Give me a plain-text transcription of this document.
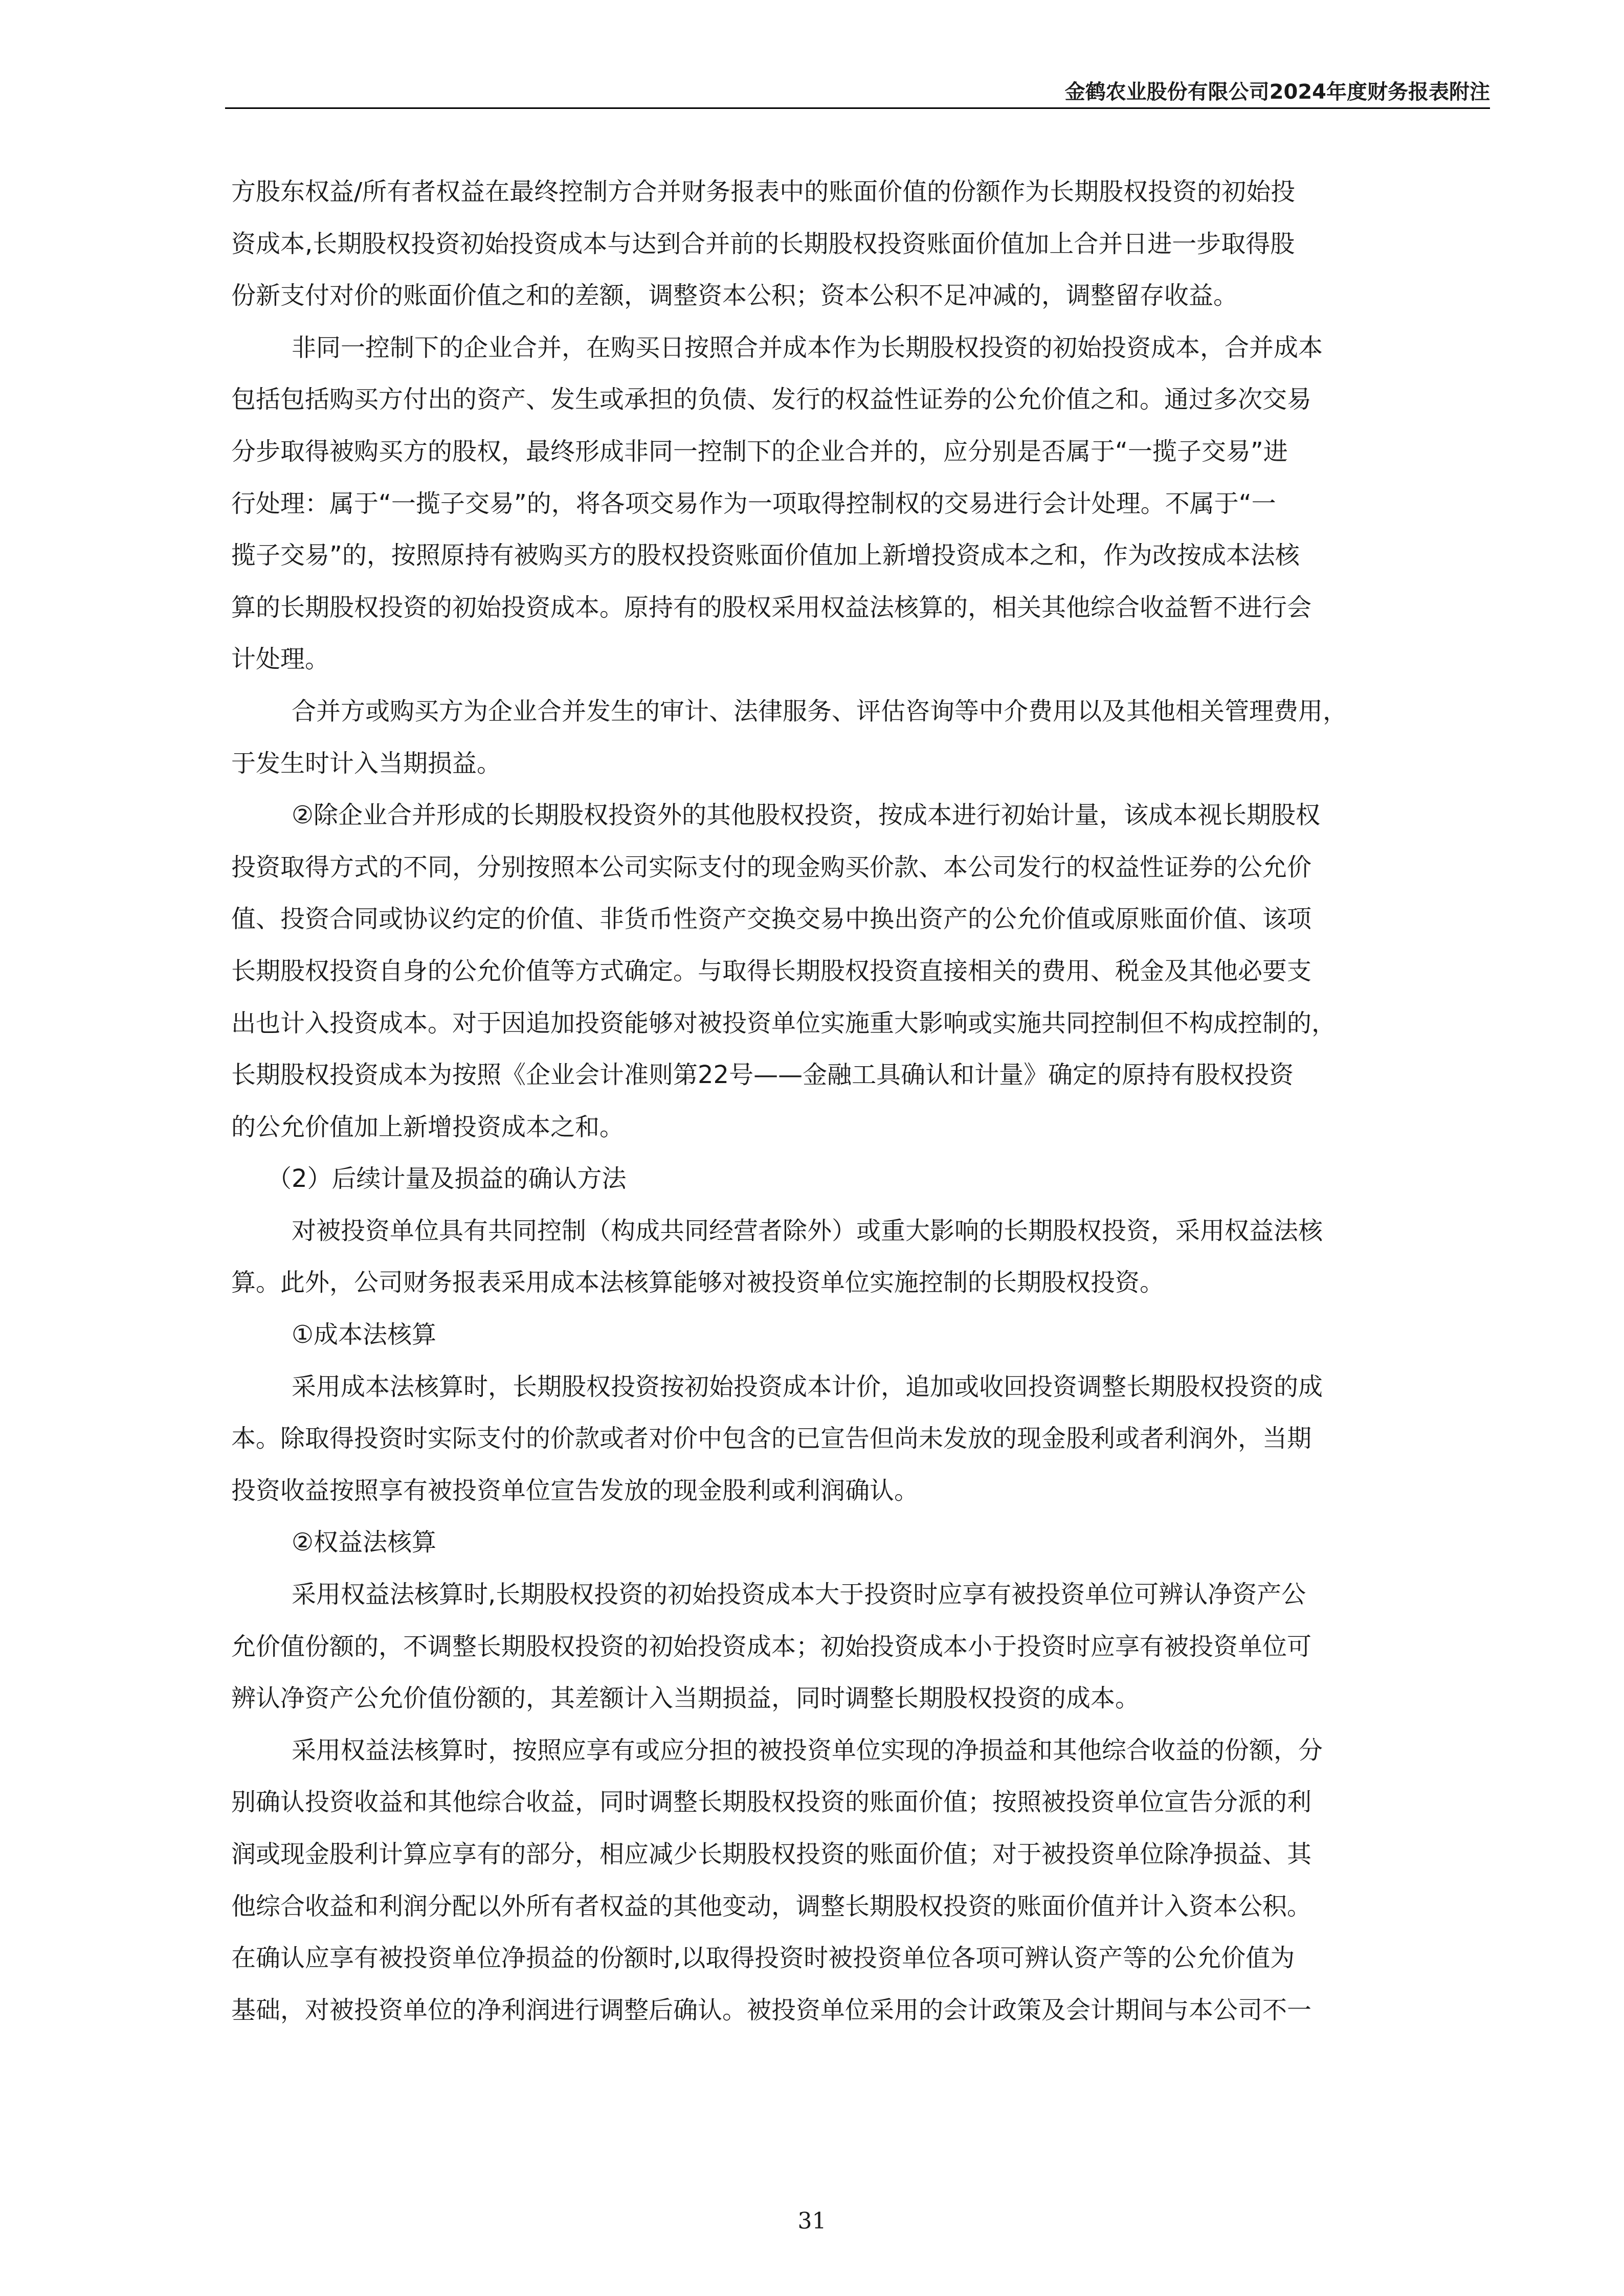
金鹤农业股份有限公司2024年度财务报表附注
方股东权益/所有者权益在最终控制方合并财务报表中的账面价值的份额作为长期股权投资的初始投
资成本,长期股权投资初始投资成本与达到合并前的长期股权投资账面价值加上合并日进一步取得股
份新支付对价的账面价值之和的差额，调整资本公积；资本公积不足冲减的，调整留存收益。
非同一控制下的企业合并，在购买日按照合并成本作为长期股权投资的初始投资成本，合并成本
包括包括购买方付出的资产、发生或承担的负债、发行的权益性证券的公允价值之和。通过多次交易
分步取得被购买方的股权，最终形成非同一控制下的企业合并的，应分别是否属于“一揽子交易”进
行处理：属于“一揽子交易”的，将各项交易作为一项取得控制权的交易进行会计处理。不属于“一
揽子交易”的，按照原持有被购买方的股权投资账面价值加上新增投资成本之和，作为改按成本法核
算的长期股权投资的初始投资成本。原持有的股权采用权益法核算的，相关其他综合收益暂不进行会
计处理。
合并方或购买方为企业合并发生的审计、法律服务、评估咨询等中介费用以及其他相关管理费用，
于发生时计入当期损益。
②除企业合并形成的长期股权投资外的其他股权投资，按成本进行初始计量，该成本视长期股权
投资取得方式的不同，分别按照本公司实际支付的现金购买价款、本公司发行的权益性证券的公允价
值、投资合同或协议约定的价值、非货币性资产交换交易中换出资产的公允价值或原账面价值、该项
长期股权投资自身的公允价值等方式确定。与取得长期股权投资直接相关的费用、税金及其他必要支
出也计入投资成本。对于因追加投资能够对被投资单位实施重大影响或实施共同控制但不构成控制的，
长期股权投资成本为按照《企业会计准则第22号——金融工具确认和计量》确定的原持有股权投资
的公允价值加上新增投资成本之和。
（2）后续计量及损益的确认方法
对被投资单位具有共同控制（构成共同经营者除外）或重大影响的长期股权投资，采用权益法核
算。此外，公司财务报表采用成本法核算能够对被投资单位实施控制的长期股权投资。
①成本法核算
采用成本法核算时，长期股权投资按初始投资成本计价，追加或收回投资调整长期股权投资的成
本。除取得投资时实际支付的价款或者对价中包含的已宣告但尚未发放的现金股利或者利润外，当期
投资收益按照享有被投资单位宣告发放的现金股利或利润确认。
②权益法核算
采用权益法核算时,长期股权投资的初始投资成本大于投资时应享有被投资单位可辨认净资产公
允价值份额的，不调整长期股权投资的初始投资成本；初始投资成本小于投资时应享有被投资单位可
辨认净资产公允价值份额的，其差额计入当期损益，同时调整长期股权投资的成本。
采用权益法核算时，按照应享有或应分担的被投资单位实现的净损益和其他综合收益的份额，分
别确认投资收益和其他综合收益，同时调整长期股权投资的账面价值；按照被投资单位宣告分派的利
润或现金股利计算应享有的部分，相应减少长期股权投资的账面价值；对于被投资单位除净损益、其
他综合收益和利润分配以外所有者权益的其他变动，调整长期股权投资的账面价值并计入资本公积。
在确认应享有被投资单位净损益的份额时,以取得投资时被投资单位各项可辨认资产等的公允价值为
基础，对被投资单位的净利润进行调整后确认。被投资单位采用的会计政策及会计期间与本公司不一
31
